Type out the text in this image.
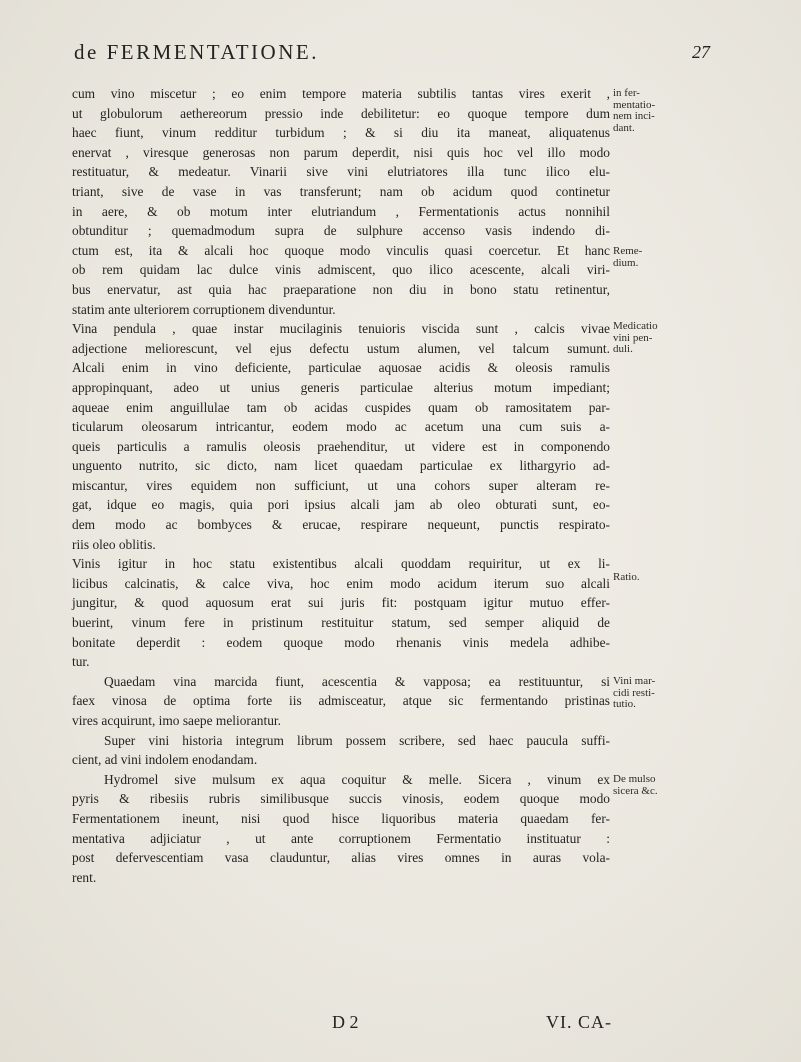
de FERMENTATIONE.	27
cum vino miscetur ; eo enim tempore materia subtilis tantas vires exerit ,
ut globulorum aethereorum pressio inde debilitetur: eo quoque tempore dum
haec fiunt, vinum redditur turbidum ; & si diu ita maneat, aliquatenus
enervat , viresque generosas non parum deperdit, nisi quis hoc vel illo modo
restituatur, & medeatur. Vinarii sive vini elutriatores illa tunc ilico elu-
triant, sive de vase in vas transferunt; nam ob acidum quod continetur
in aere, & ob motum inter elutriandum , Fermentationis actus nonnihil
obtunditur ; quemadmodum supra de sulphure accenso vasis indendo di-
ctum est, ita & alcali hoc quoque modo vinculis quasi coercetur. Et hanc
ob rem quidam lac dulce vinis admiscent, quo ilico acescente, alcali viri-
bus enervatur, ast quia hac praeparatione non diu in bono statu retinentur,
statim ante ulteriorem corruptionem divenduntur.
Vina pendula , quae instar mucilaginis tenuioris viscida sunt , calcis vivae
adjectione meliorescunt, vel ejus defectu ustum alumen, vel talcum sumunt.
Alcali enim in vino deficiente, particulae aquosae acidis & oleosis ramulis
appropinquant, adeo ut unius generis particulae alterius motum impediant;
aqueae enim anguillulae tam ob acidas cuspides quam ob ramositatem par-
ticularum oleosarum intricantur, eodem modo ac acetum una cum suis a-
queis particulis a ramulis oleosis praehenditur, ut videre est in componendo
unguento nutrito, sic dicto, nam licet quaedam particulae ex lithargyrio ad-
miscantur, vires equidem non sufficiunt, ut una cohors super alteram re-
gat, idque eo magis, quia pori ipsius alcali jam ab oleo obturati sunt, eo-
dem modo ac bombyces & erucae, respirare nequeunt, punctis respirato-
riis oleo oblitis.
Vinis igitur in hoc statu existentibus alcali quoddam requiritur, ut ex li-
licibus calcinatis, & calce viva, hoc enim modo acidum iterum suo alcali
jungitur, & quod aquosum erat sui juris fit: postquam igitur mutuo effer-
buerint, vinum fere in pristinum restituitur statum, sed semper aliquid de
bonitate deperdit : eodem quoque modo rhenanis vinis medela adhibe-
tur.
Quaedam vina marcida fiunt, acescentia & vapposa; ea restituuntur, si
faex vinosa de optima forte iis admisceatur, atque sic fermentando pristinas
vires acquirunt, imo saepe meliorantur.
Super vini historia integrum librum possem scribere, sed haec paucula suffi-
cient, ad vini indolem enodandam.
Hydromel sive mulsum ex aqua coquitur & melle. Sicera , vinum ex
pyris & ribesiis rubris similibusque succis vinosis, eodem quoque modo
Fermentationem ineunt, nisi quod hisce liquoribus materia quaedam fer-
mentativa adjiciatur , ut ante corruptionem Fermentatio instituatur :
post defervescentiam vasa clauduntur, alias vires omnes in auras vola-
rent.
in fer-
mentatio-
nem inci-
dant.
Reme-
dium.
Medicatio
vini pen-
duli.
Ratio.
Vini mar-
cidi resti-
tutio.
De mulso
sicera &c.
D 2	VI. CA-
